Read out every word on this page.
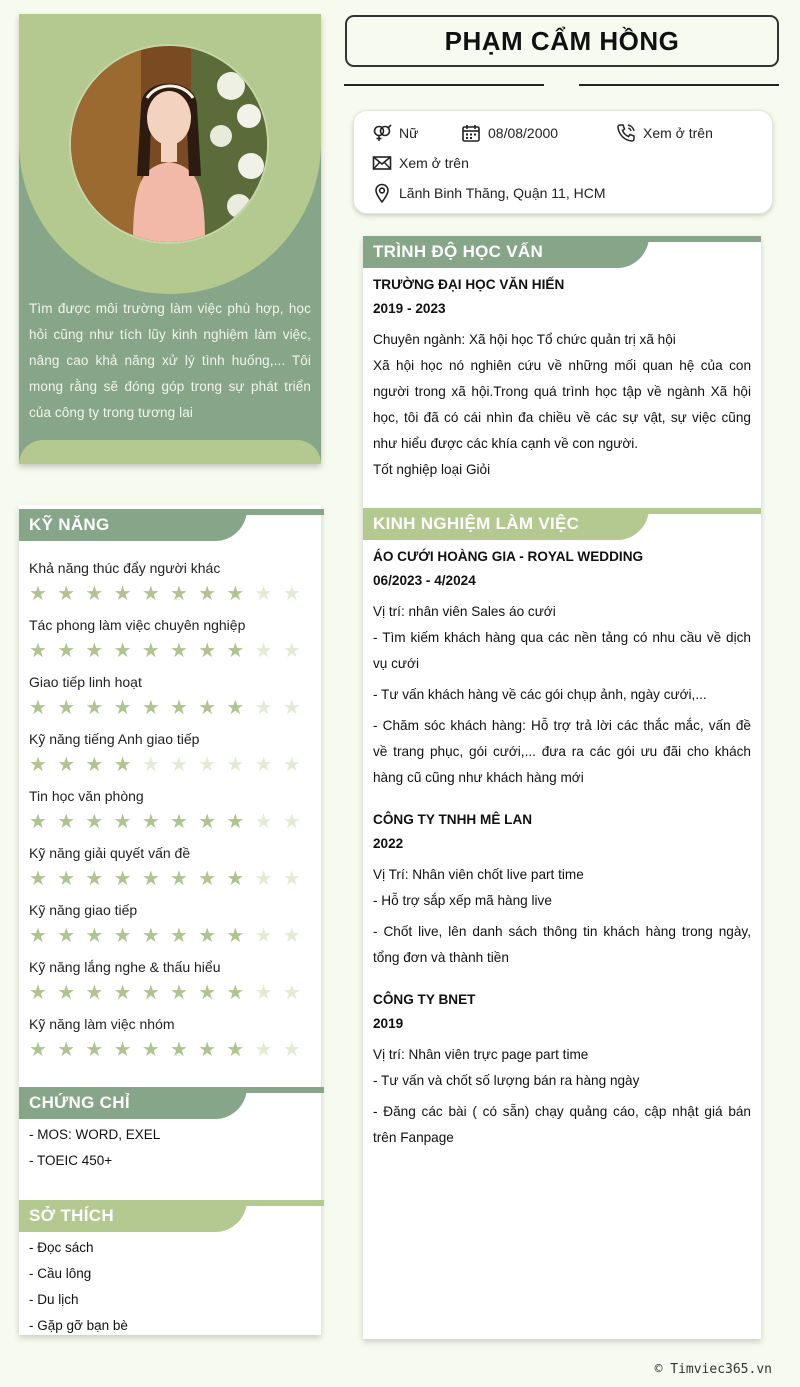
Tìm được môi trường làm việc phù hợp, học hỏi cũng như tích lũy kinh nghiệm làm việc, nâng cao khả năng xử lý tình huống,... Tôi mong rằng sẽ đóng góp trong sự phát triển của công ty trong tương lai
KỸ NĂNG
Khả năng thúc đẩy người khác
★ ★ ★ ★ ★ ★ ★ ★ ★ ★
Tác phong làm việc chuyên nghiệp
★ ★ ★ ★ ★ ★ ★ ★ ★ ★
Giao tiếp linh hoạt
★ ★ ★ ★ ★ ★ ★ ★ ★ ★
Kỹ năng tiếng Anh giao tiếp
★ ★ ★ ★ ★ ★ ★ ★ ★ ★
Tin học văn phòng
★ ★ ★ ★ ★ ★ ★ ★ ★ ★
Kỹ năng giải quyết vấn đề
★ ★ ★ ★ ★ ★ ★ ★ ★ ★
Kỹ năng giao tiếp
★ ★ ★ ★ ★ ★ ★ ★ ★ ★
Kỹ năng lắng nghe & thấu hiểu
★ ★ ★ ★ ★ ★ ★ ★ ★ ★
Kỹ năng làm việc nhóm
★ ★ ★ ★ ★ ★ ★ ★ ★ ★
CHỨNG CHỈ
- MOS: WORD, EXEL
- TOEIC 450+
SỞ THÍCH
- Đọc sách
- Cầu lông
- Du lịch
- Gặp gỡ bạn bè
PHẠM CẨM HỒNG
Nữ	08/08/2000	Xem ở trên
Xem ở trên
Lãnh Binh Thăng, Quận 11, HCM
TRÌNH ĐỘ HỌC VẤN
TRƯỜNG ĐẠI HỌC VĂN HIẾN
2019 - 2023
Chuyên ngành: Xã hội học Tổ chức quản trị xã hội
Xã hội học nó nghiên cứu về những mối quan hệ của con người trong xã hội.Trong quá trình học tập về ngành Xã hội học, tôi đã có cái nhìn đa chiều về các sự vật, sự việc cũng như hiểu được các khía cạnh về con người.
Tốt nghiệp loại Giỏi
KINH NGHIỆM LÀM VIỆC
ÁO CƯỚI HOÀNG GIA - ROYAL WEDDING
06/2023 - 4/2024
Vị trí: nhân viên Sales áo cưới
- Tìm kiếm khách hàng qua các nền tảng có nhu cầu về dịch vụ cưới
- Tư vấn khách hàng về các gói chụp ảnh, ngày cưới,...
- Chăm sóc khách hàng: Hỗ trợ trả lời các thắc mắc, vấn đề về trang phục, gói cưới,... đưa ra các gói ưu đãi cho khách hàng cũ cũng như khách hàng mới
CÔNG TY TNHH MÊ LAN
2022
Vị Trí: Nhân viên chốt live part time
- Hỗ trợ sắp xếp mã hàng live
- Chốt live, lên danh sách thông tin khách hàng trong ngày, tổng đơn và thành tiền
CÔNG TY BNET
2019
Vị trí: Nhân viên trực page part time
- Tư vấn và chốt số lượng bán ra hàng ngày
- Đăng các bài ( có sẵn) chạy quảng cáo, cập nhật giá bán trên Fanpage
© Timviec365.vn
